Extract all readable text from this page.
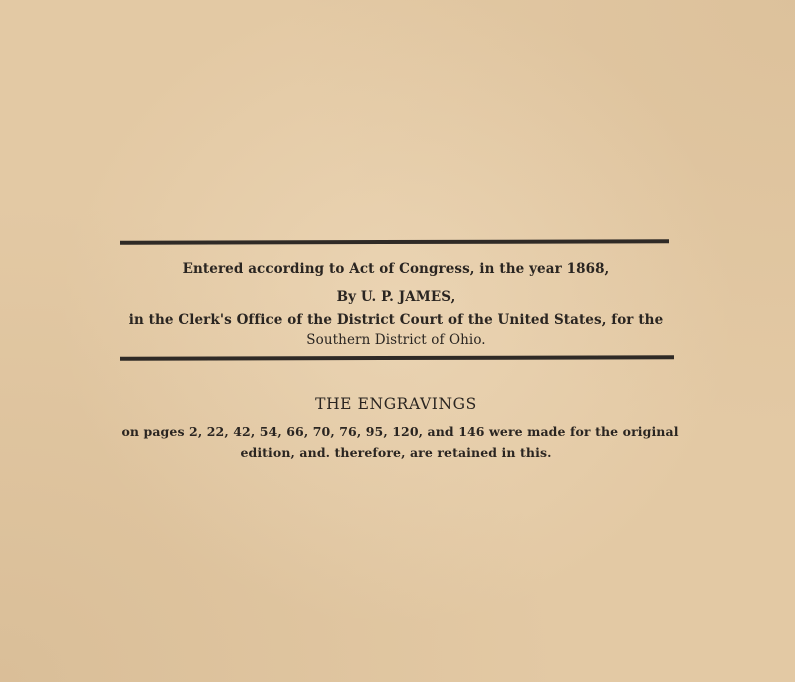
Entered according to Act of Congress, in the year 1868,
By U. P. JAMES,
in the Clerk's Office of the District Court of the United States, for the
Southern District of Ohio.
THE ENGRAVINGS
on pages 2, 22, 42, 54, 66, 70, 76, 95, 120, and 146 were made for the original
edition, and. therefore, are retained in this.
